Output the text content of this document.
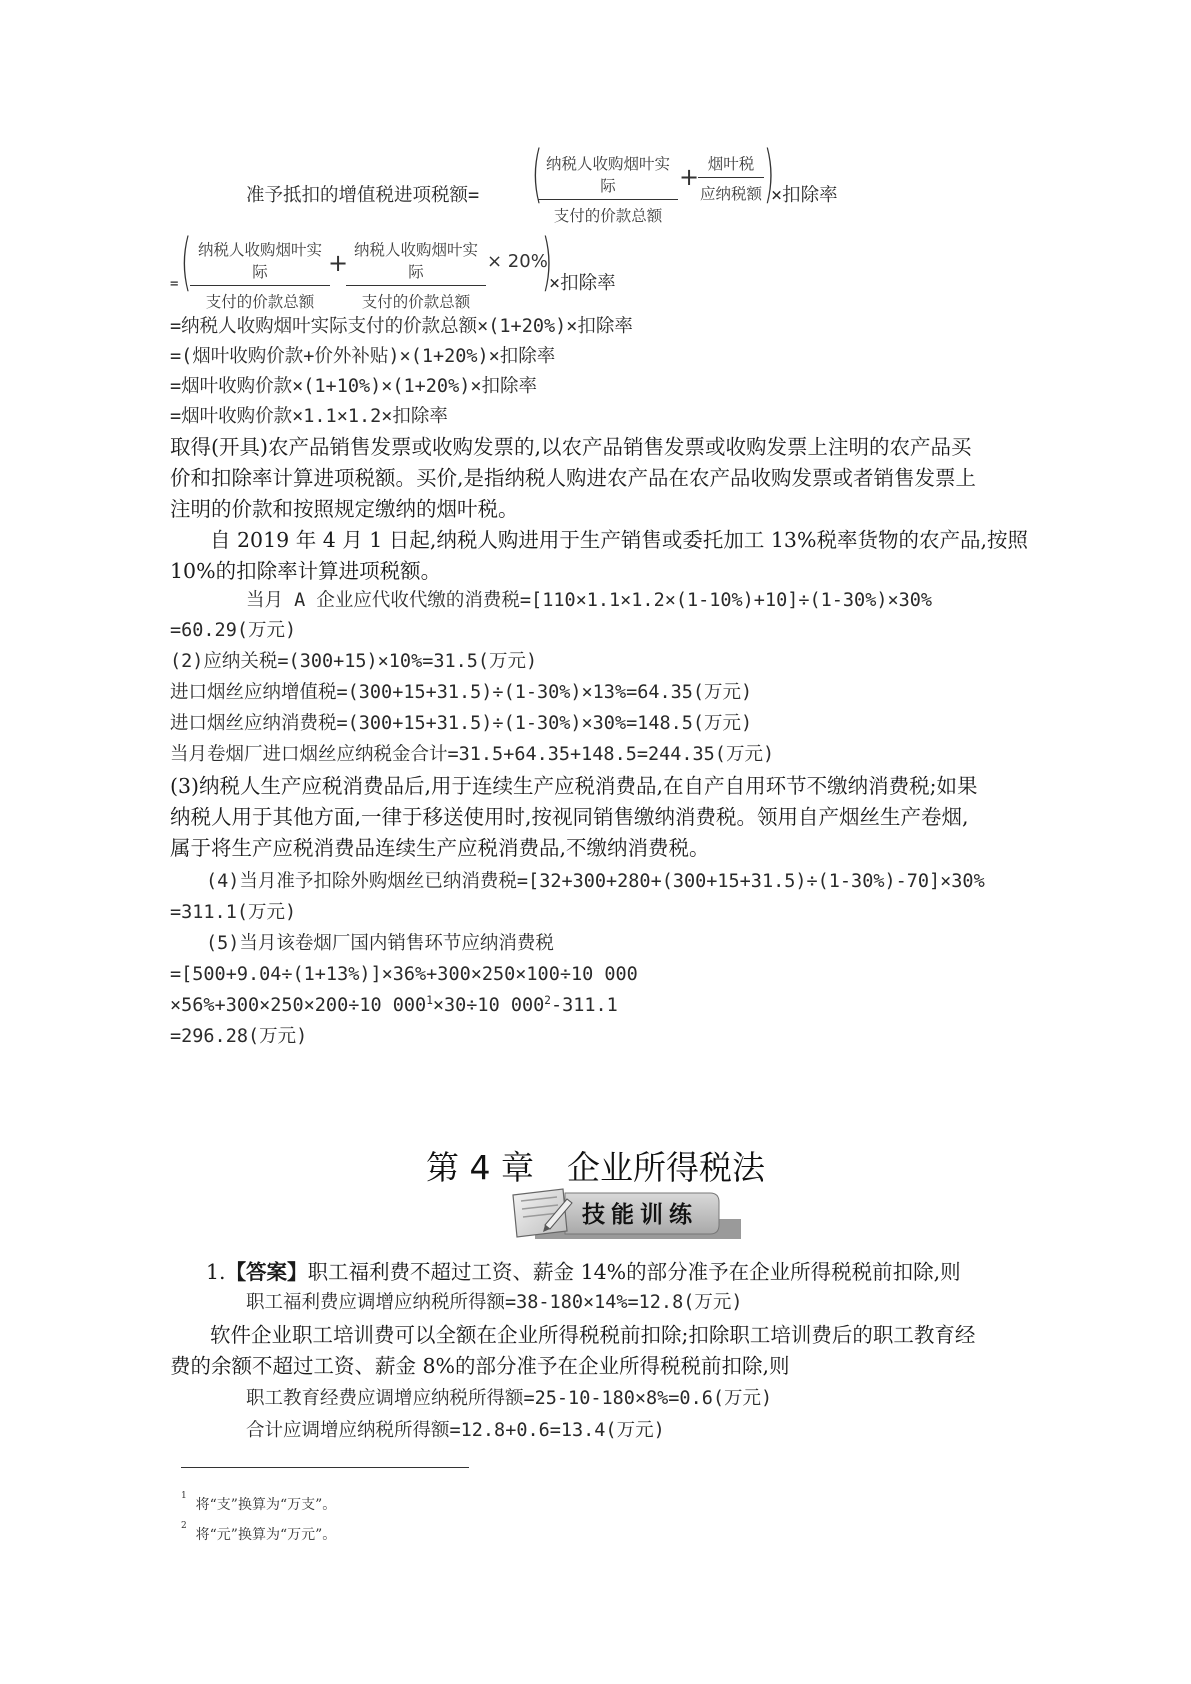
准予抵扣的增值税进项税额= ( 纳税人收购烟叶实际
支付的价款总额
+ 烟叶税
应纳税额 )
×扣除率
= ( 纳税人收购烟叶实际
支付的价款总额
+ 纳税人收购烟叶实际
支付的价款总额
× 20%
)
×扣除率
=纳税人收购烟叶实际支付的价款总额×(1+20%)×扣除率
=(烟叶收购价款+价外补贴)×(1+20%)×扣除率
=烟叶收购价款×(1+10%)×(1+20%)×扣除率
=烟叶收购价款×1.1×1.2×扣除率
取得(开具)农产品销售发票或收购发票的,以农产品销售发票或收购发票上注明的农产品买
价和扣除率计算进项税额。买价,是指纳税人购进农产品在农产品收购发票或者销售发票上
注明的价款和按照规定缴纳的烟叶税。
自 2019 年 4 月 1 日起,纳税人购进用于生产销售或委托加工 13%税率货物的农产品,按照
10%的扣除率计算进项税额。
当月 A 企业应代收代缴的消费税=[110×1.1×1.2×(1-10%)+10]÷(1-30%)×30%
=60.29(万元)
(2)应纳关税=(300+15)×10%=31.5(万元)
进口烟丝应纳增值税=(300+15+31.5)÷(1-30%)×13%=64.35(万元)
进口烟丝应纳消费税=(300+15+31.5)÷(1-30%)×30%=148.5(万元)
当月卷烟厂进口烟丝应纳税金合计=31.5+64.35+148.5=244.35(万元)
(3)纳税人生产应税消费品后,用于连续生产应税消费品,在自产自用环节不缴纳消费税;如果
纳税人用于其他方面,一律于移送使用时,按视同销售缴纳消费税。领用自产烟丝生产卷烟,
属于将生产应税消费品连续生产应税消费品,不缴纳消费税。
(4)当月准予扣除外购烟丝已纳消费税=[32+300+280+(300+15+31.5)÷(1-30%)-70]×30%
=311.1(万元)
(5)当月该卷烟厂国内销售环节应纳消费税
=[500+9.04÷(1+13%)]×36%+300×250×100÷10 000
×56%+300×250×200÷10 $000^1\times 30\div 10$ $000^2-311.1$
=296.28(万元)
第 4 章　企业所得税法
技能训练
1.【答案】职工福利费不超过工资、薪金 14%的部分准予在企业所得税税前扣除,则
职工福利费应调增应纳税所得额=38-180×14%=12.8(万元)
软件企业职工培训费可以全额在企业所得税税前扣除;扣除职工培训费后的职工教育经
费的余额不超过工资、薪金 8%的部分准予在企业所得税税前扣除,则
职工教育经费应调增应纳税所得额=25-10-180×8%=0.6(万元)
合计应调增应纳税所得额=12.8+0.6=13.4(万元)
$^1$  将“支”换算为“万支”。
$^2$  将“元”换算为“万元”。
